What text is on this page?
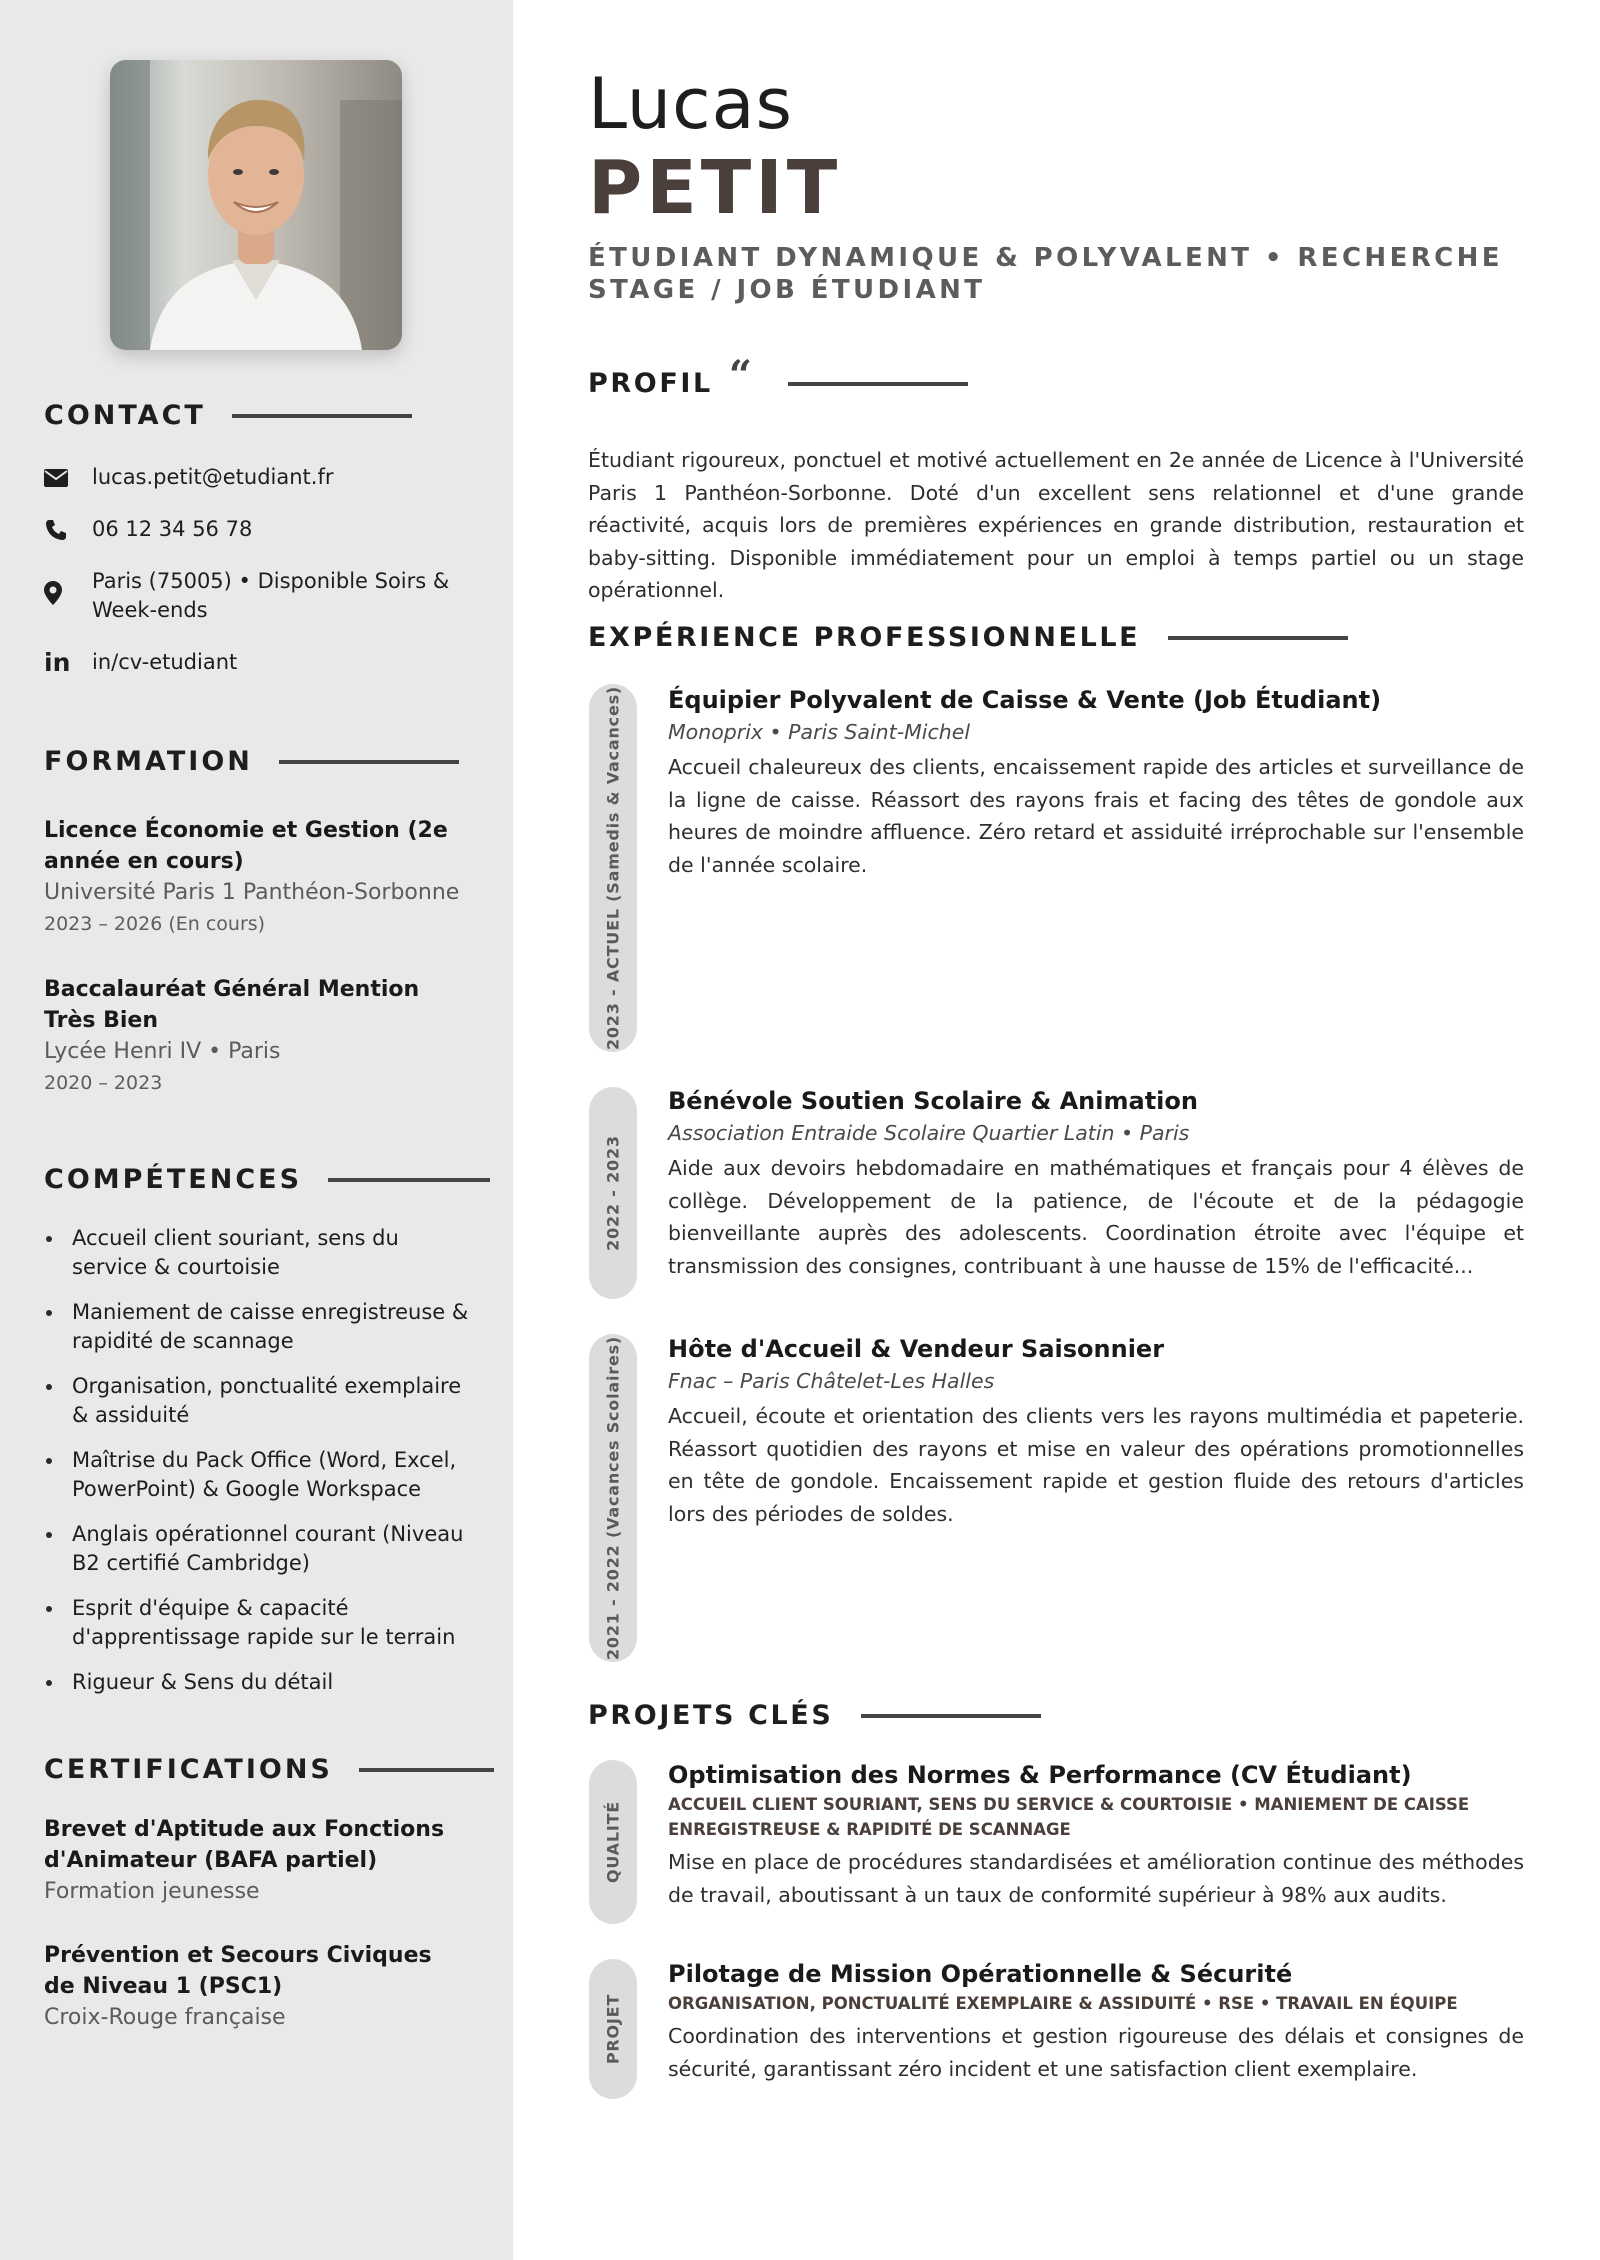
CONTACT
lucas.petit@etudiant.fr
06 12 34 56 78
Paris (75005) • Disponible Soirs & Week-ends
in in/cv-etudiant
FORMATION
Licence Économie et Gestion (2e année en cours)
Université Paris 1 Panthéon-Sorbonne
2023 – 2026 (En cours)
Baccalauréat Général Mention Très Bien
Lycée Henri IV • Paris
2020 – 2023
COMPÉTENCES
Accueil client souriant, sens du service & courtoisie
Maniement de caisse enregistreuse & rapidité de scannage
Organisation, ponctualité exemplaire & assiduité
Maîtrise du Pack Office (Word, Excel, PowerPoint) & Google Workspace
Anglais opérationnel courant (Niveau B2 certifié Cambridge)
Esprit d'équipe & capacité d'apprentissage rapide sur le terrain
Rigueur & Sens du détail
CERTIFICATIONS
Brevet d'Aptitude aux Fonctions d'Animateur (BAFA partiel)
Formation jeunesse
Prévention et Secours Civiques de Niveau 1 (PSC1)
Croix-Rouge française
Lucas
PETIT
ÉTUDIANT DYNAMIQUE & POLYVALENT • RECHERCHE STAGE / JOB ÉTUDIANT
PROFIL “
Étudiant rigoureux, ponctuel et motivé actuellement en 2e année de Licence à l'Université Paris 1 Panthéon-Sorbonne. Doté d'un excellent sens relationnel et d'une grande réactivité, acquis lors de premières expériences en grande distribution, restauration et baby-sitting. Disponible immédiatement pour un emploi à temps partiel ou un stage opérationnel.
EXPÉRIENCE PROFESSIONNELLE
2023 - ACTUEL (Samedis & Vacances) Équipier Polyvalent de Caisse & Vente (Job Étudiant)
Monoprix • Paris Saint-Michel
Accueil chaleureux des clients, encaissement rapide des articles et surveillance de la ligne de caisse. Réassort des rayons frais et facing des têtes de gondole aux heures de moindre affluence. Zéro retard et assiduité irréprochable sur l'ensemble de l'année scolaire.
2022 - 2023
Bénévole Soutien Scolaire & Animation
Association Entraide Scolaire Quartier Latin • Paris
Aide aux devoirs hebdomadaire en mathématiques et français pour 4 élèves de collège. Développement de la patience, de l'écoute et de la pédagogie bienveillante auprès des adolescents. Coordination étroite avec l'équipe et transmission des consignes, contribuant à une hausse de 15% de l'efficacité...
2021 - 2022 (Vacances Scolaires) Hôte d'Accueil & Vendeur Saisonnier
Fnac – Paris Châtelet-Les Halles
Accueil, écoute et orientation des clients vers les rayons multimédia et papeterie. Réassort quotidien des rayons et mise en valeur des opérations promotionnelles en tête de gondole. Encaissement rapide et gestion fluide des retours d'articles lors des périodes de soldes.
PROJETS CLÉS
QUALITÉ
Optimisation des Normes & Performance (CV Étudiant)
ACCUEIL CLIENT SOURIANT, SENS DU SERVICE & COURTOISIE • MANIEMENT DE CAISSE ENREGISTREUSE & RAPIDITÉ DE SCANNAGE
Mise en place de procédures standardisées et amélioration continue des méthodes de travail, aboutissant à un taux de conformité supérieur à 98% aux audits.
PROJET
Pilotage de Mission Opérationnelle & Sécurité
ORGANISATION, PONCTUALITÉ EXEMPLAIRE & ASSIDUITÉ • RSE • TRAVAIL EN ÉQUIPE
Coordination des interventions et gestion rigoureuse des délais et consignes de sécurité, garantissant zéro incident et une satisfaction client exemplaire.
